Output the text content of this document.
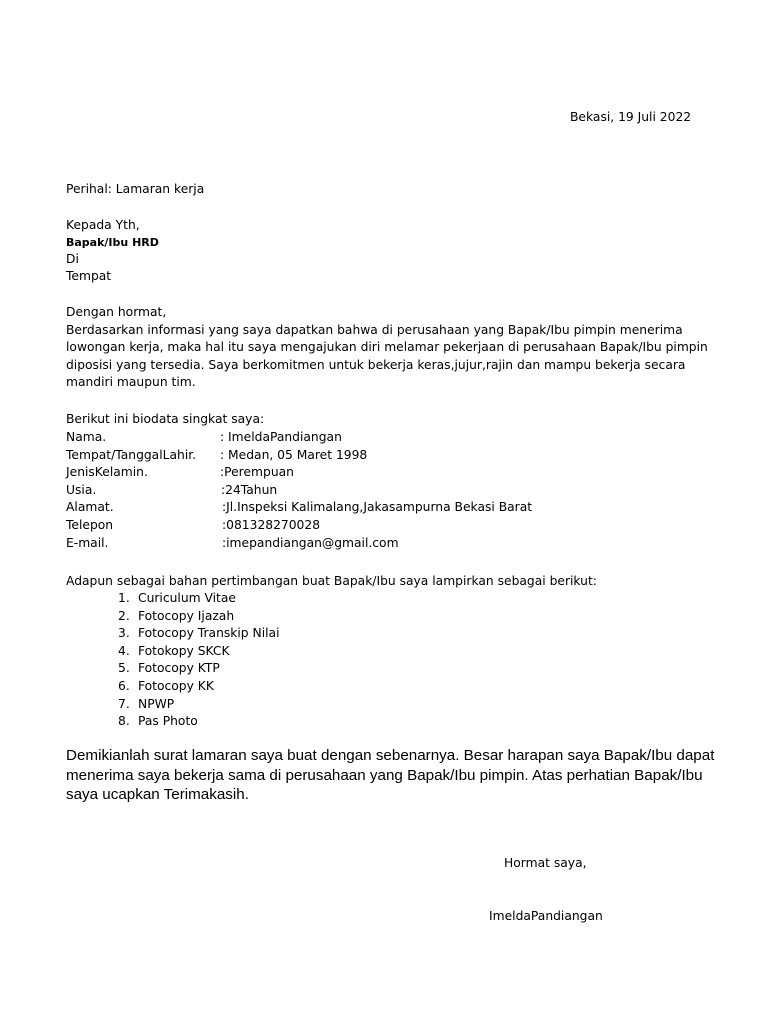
Bekasi, 19 Juli 2022
Perihal: Lamaran kerja
Kepada Yth,
Bapak/Ibu HRD
Di
Tempat
Dengan hormat,
Berdasarkan informasi yang saya dapatkan bahwa di perusahaan yang Bapak/Ibu pimpin menerima
lowongan kerja, maka hal itu saya mengajukan diri melamar pekerjaan di perusahaan Bapak/Ibu pimpin
diposisi yang tersedia. Saya berkomitmen untuk bekerja keras,jujur,rajin dan mampu bekerja secara
mandiri maupun tim.
Berikut ini biodata singkat saya:
Nama.	: ImeldaPandiangan
Tempat/TanggalLahir. : Medan, 05 Maret 1998
JenisKelamin.	:Perempuan
Usia.	:24Tahun
Alamat.	:Jl.Inspeksi Kalimalang,Jakasampurna Bekasi Barat
Telepon	:081328270028
E-mail.	:imepandiangan@gmail.com
Adapun sebagai bahan pertimbangan buat Bapak/Ibu saya lampirkan sebagai berikut:
1. Curiculum Vitae
2. Fotocopy Ijazah
3. Fotocopy Transkip Nilai
4. Fotokopy SKCK
5. Fotocopy KTP
6. Fotocopy KK
7. NPWP
8. Pas Photo
Demikianlah surat lamaran saya buat dengan sebenarnya. Besar harapan saya Bapak/Ibu dapat
menerima saya bekerja sama di perusahaan yang Bapak/Ibu pimpin. Atas perhatian Bapak/Ibu
saya ucapkan Terimakasih.
Hormat saya,
ImeldaPandiangan
